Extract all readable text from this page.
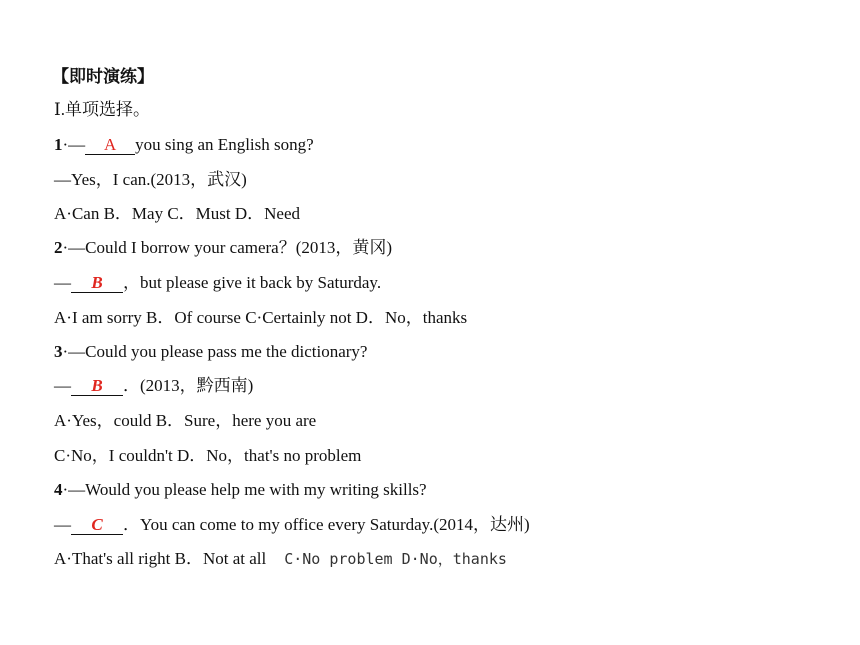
【即时演练】
Ⅰ.单项选择。
1·— A you sing an English song?
—Yes，I can.(2013，武汉)
A·Can B．May C．Must D．Need
2·—Could I borrow your camera？(2013，黄冈)
— B ，but please give it back by Saturday.
A·I am sorry B．Of course C·Certainly not D．No，thanks
3·—Could you please pass me the dictionary?
— B ．(2013，黔西南)
A·Yes，could B．Sure，here you are
C·No，I couldn't D．No，that's no problem
4·—Would you please help me with my writing skills?
— C ．You can come to my office every Saturday.(2014，达州)
A·That's all right B．Not at all C·No problem D·No，thanks
